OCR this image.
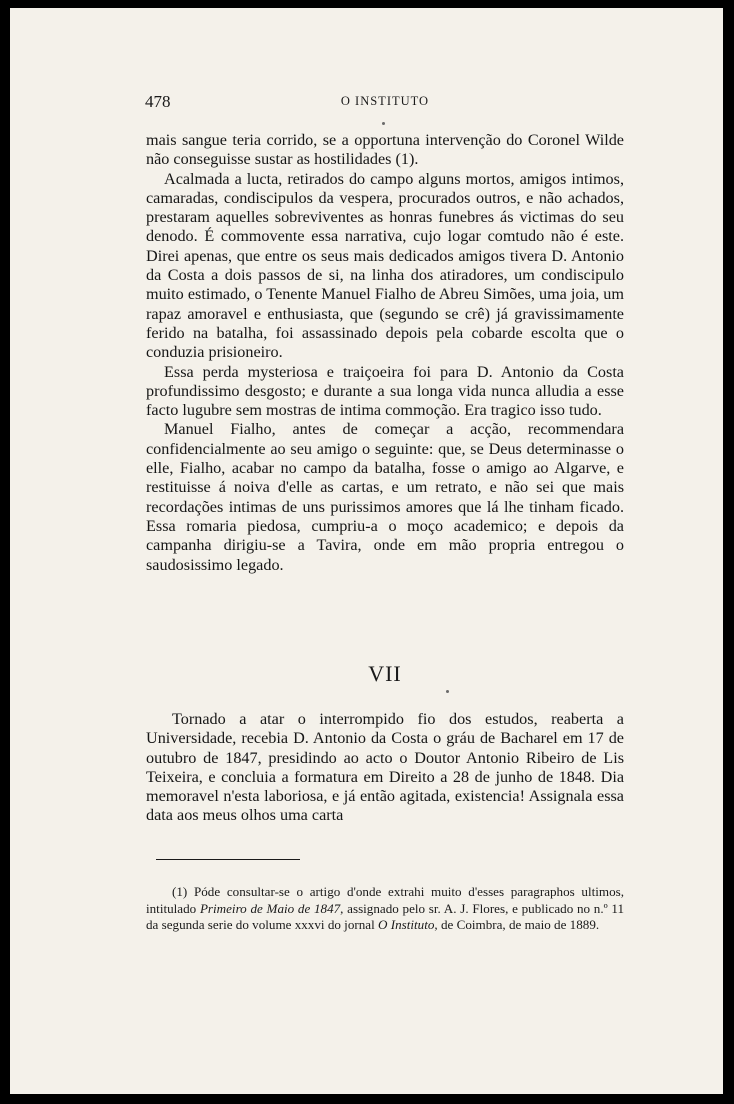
478	O INSTITUTO

mais sangue teria corrido, se a opportuna intervenção do Coronel Wilde não conseguisse sustar as hostilidades (1).

Acalmada a lucta, retirados do campo alguns mortos, amigos intimos, camaradas, condiscipulos da vespera, procurados outros, e não achados, prestaram aquelles sobreviventes as honras funebres ás victimas do seu denodo. É commovente essa narrativa, cujo logar comtudo não é este. Direi apenas, que entre os seus mais dedicados amigos tivera D. Antonio da Costa a dois passos de si, na linha dos atiradores, um condiscipulo muito estimado, o Tenente Manuel Fialho de Abreu Simões, uma joia, um rapaz amoravel e enthusiasta, que (segundo se crê) já gravissimamente ferido na batalha, foi assassinado depois pela cobarde escolta que o conduzia prisioneiro.

Essa perda mysteriosa e traiçoeira foi para D. Antonio da Costa profundissimo desgosto; e durante a sua longa vida nunca alludia a esse facto lugubre sem mostras de intima commoção. Era tragico isso tudo.

Manuel Fialho, antes de começar a acção, recommendara confidencialmente ao seu amigo o seguinte: que, se Deus determinasse o elle, Fialho, acabar no campo da batalha, fosse o amigo ao Algarve, e restituisse á noiva d'elle as cartas, e um retrato, e não sei que mais recordações intimas de uns purissimos amores que lá lhe tinham ficado. Essa romaria piedosa, cumpriu-a o moço academico; e depois da campanha dirigiu-se a Tavira, onde em mão propria entregou o saudosissimo legado.

VII

Tornado a atar o interrompido fio dos estudos, reaberta a Universidade, recebia D. Antonio da Costa o gráu de Bacharel em 17 de outubro de 1847, presidindo ao acto o Doutor Antonio Ribeiro de Lis Teixeira, e concluia a formatura em Direito a 28 de junho de 1848. Dia memoravel n'esta laboriosa, e já então agitada, existencia! Assignala essa data aos meus olhos uma carta

(1) Póde consultar-se o artigo d'onde extrahi muito d'esses paragraphos ultimos, intitulado Primeiro de Maio de 1847, assignado pelo sr. A. J. Flores, e publicado no n.º 11 da segunda serie do volume xxxvi do jornal O Instituto, de Coimbra, de maio de 1889.
